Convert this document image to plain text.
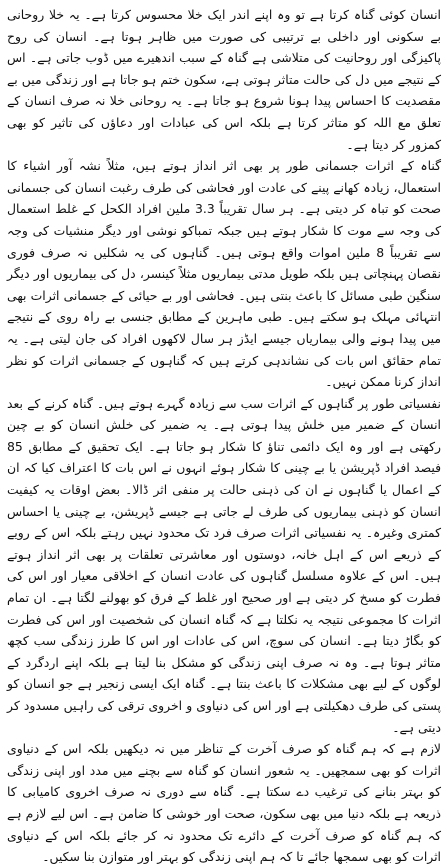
انسان کوئی گناہ کرتا ہے تو وہ اپنے اندر ایک خلا محسوس کرتا ہے۔ یہ خلا روحانی بے سکونی اور داخلی بے ترتیبی کی صورت میں ظاہر ہوتا ہے۔ انسان کی روح پاکیزگی اور روحانیت کی متلاشی ہے گناہ کے سبب اندھیرے میں ڈوب جاتی ہے۔ اس کے نتیجے میں دل کی حالت متاثر ہوتی ہے، سکون ختم ہو جاتا ہے اور زندگی میں بے مقصدیت کا احساس پیدا ہونا شروع ہو جاتا ہے۔ یہ روحانی خلا نہ صرف انسان کے تعلق مع اللہ کو متاثر کرتا ہے بلکہ اس کی عبادات اور دعاؤں کی تاثیر کو بھی کمزور کر دیتا ہے۔

گناہ کے اثرات جسمانی طور پر بھی اثر انداز ہوتے ہیں، مثلاً نشہ آور اشیاء کا استعمال، زیادہ کھانے پینے کی عادت اور فحاشی کی طرف رغبت انسان کی جسمانی صحت کو تباہ کر دیتی ہے۔ ہر سال تقریباً 3.3 ملین افراد الکحل کے غلط استعمال کی وجہ سے موت کا شکار ہوتے ہیں جبکہ تمباکو نوشی اور دیگر منشیات کی وجہ سے تقریباً 8 ملین اموات واقع ہوتی ہیں۔ گناہوں کی یہ شکلیں نہ صرف فوری نقصان پہنچاتی ہیں بلکہ طویل مدتی بیماریوں مثلاً کینسر، دل کی بیماریوں اور دیگر سنگین طبی مسائل کا باعث بنتی ہیں۔ فحاشی اور بے حیائی کے جسمانی اثرات بھی انتہائی مہلک ہو سکتے ہیں۔ طبی ماہرین کے مطابق جنسی بے راہ روی کے نتیجے میں پیدا ہونے والی بیماریاں جیسے ایڈز ہر سال لاکھوں افراد کی جان لیتی ہے۔ یہ تمام حقائق اس بات کی نشاندہی کرتے ہیں کہ گناہوں کے جسمانی اثرات کو نظر انداز کرنا ممکن نہیں۔

نفسیاتی طور پر گناہوں کے اثرات سب سے زیادہ گہرے ہوتے ہیں۔ گناہ کرنے کے بعد انسان کے ضمیر میں خلش پیدا ہوتی ہے۔ یہ ضمیر کی خلش انسان کو بے چین رکھتی ہے اور وہ ایک دائمی تناؤ کا شکار ہو جاتا ہے۔ ایک تحقیق کے مطابق 85 فیصد افراد ڈپریشن یا بے چینی کا شکار ہوئے انہوں نے اس بات کا اعتراف کیا کہ ان کے اعمال یا گناہوں نے ان کی ذہنی حالت پر منفی اثر ڈالا۔ بعض اوقات یہ کیفیت انسان کو ذہنی بیماریوں کی طرف لے جاتی ہے جیسے ڈپریشن، بے چینی یا احساس کمتری وغیرہ۔ یہ نفسیاتی اثرات صرف فرد تک محدود نہیں رہتے بلکہ اس کے رویے کے ذریعے اس کے اہل خانہ، دوستوں اور معاشرتی تعلقات پر بھی اثر انداز ہوتے ہیں۔ اس کے علاوہ مسلسل گناہوں کی عادت انسان کے اخلاقی معیار اور اس کی فطرت کو مسخ کر دیتی ہے اور صحیح اور غلط کے فرق کو بھولنے لگتا ہے۔ ان تمام اثرات کا مجموعی نتیجہ یہ نکلتا ہے کہ گناہ انسان کی شخصیت اور اس کی فطرت کو بگاڑ دیتا ہے۔ انسان کی سوچ، اس کی عادات اور اس کا طرز زندگی سب کچھ متاثر ہوتا ہے۔ وہ نہ صرف اپنی زندگی کو مشکل بنا لیتا ہے بلکہ اپنے اردگرد کے لوگوں کے لیے بھی مشکلات کا باعث بنتا ہے۔ گناہ ایک ایسی زنجیر ہے جو انسان کو پستی کی طرف دھکیلتی ہے اور اس کی دنیاوی و اخروی ترقی کی راہیں مسدود کر دیتی ہے۔

لازم ہے کہ ہم گناہ کو صرف آخرت کے تناظر میں نہ دیکھیں بلکہ اس کے دنیاوی اثرات کو بھی سمجھیں۔ یہ شعور انسان کو گناہ سے بچنے میں مدد اور اپنی زندگی کو بہتر بنانے کی ترغیب دے سکتا ہے۔ گناہ سے دوری نہ صرف اخروی کامیابی کا ذریعہ ہے بلکہ دنیا میں بھی سکون، صحت اور خوشی کا ضامن ہے۔ اس لیے لازم ہے کہ ہم گناہ کو صرف آخرت کے دائرے تک محدود نہ کر جائے بلکہ اس کے دنیاوی اثرات کو بھی سمجھا جائے تا کہ ہم اپنی زندگی کو بہتر اور متوازن بنا سکیں۔
